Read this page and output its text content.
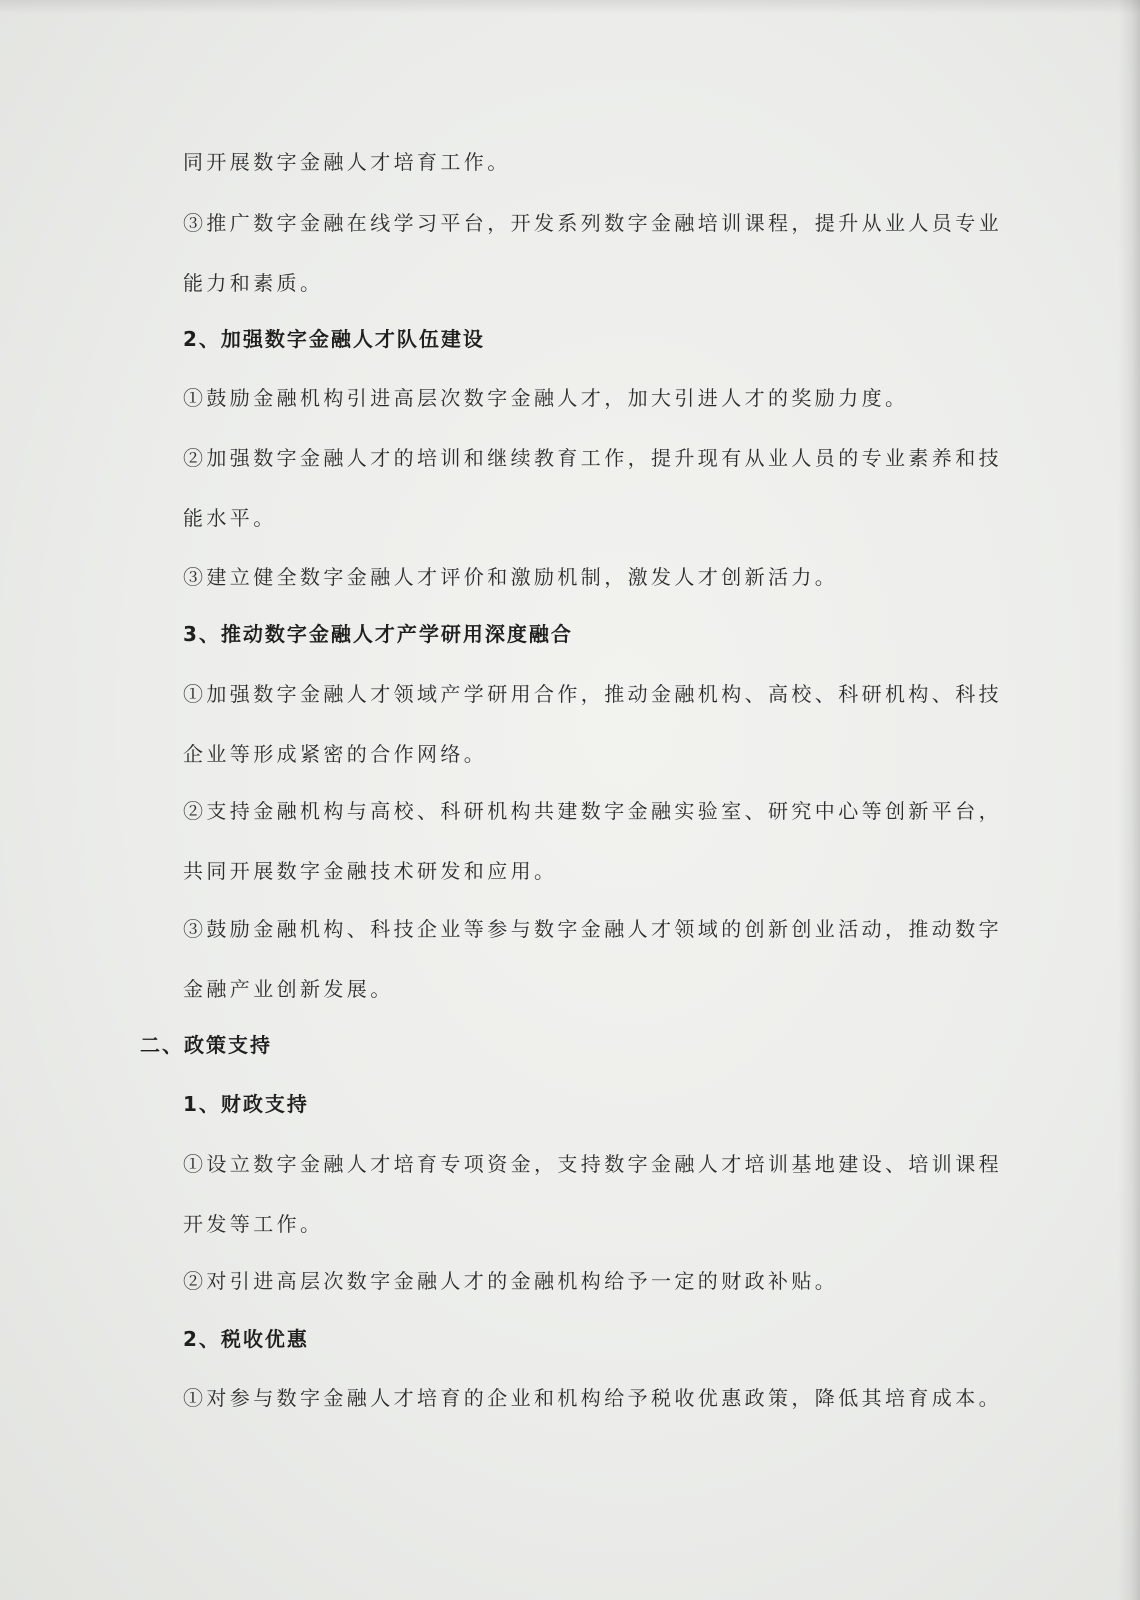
同开展数字金融人才培育工作。
③推广数字金融在线学习平台，开发系列数字金融培训课程，提升从业人员专业能力和素质。
2、加强数字金融人才队伍建设
①鼓励金融机构引进高层次数字金融人才，加大引进人才的奖励力度。
②加强数字金融人才的培训和继续教育工作，提升现有从业人员的专业素养和技能水平。
③建立健全数字金融人才评价和激励机制，激发人才创新活力。
3、推动数字金融人才产学研用深度融合
①加强数字金融人才领域产学研用合作，推动金融机构、高校、科研机构、科技企业等形成紧密的合作网络。
②支持金融机构与高校、科研机构共建数字金融实验室、研究中心等创新平台，共同开展数字金融技术研发和应用。
③鼓励金融机构、科技企业等参与数字金融人才领域的创新创业活动，推动数字金融产业创新发展。
二、政策支持
1、财政支持
①设立数字金融人才培育专项资金，支持数字金融人才培训基地建设、培训课程开发等工作。
②对引进高层次数字金融人才的金融机构给予一定的财政补贴。
2、税收优惠
①对参与数字金融人才培育的企业和机构给予税收优惠政策，降低其培育成本。
